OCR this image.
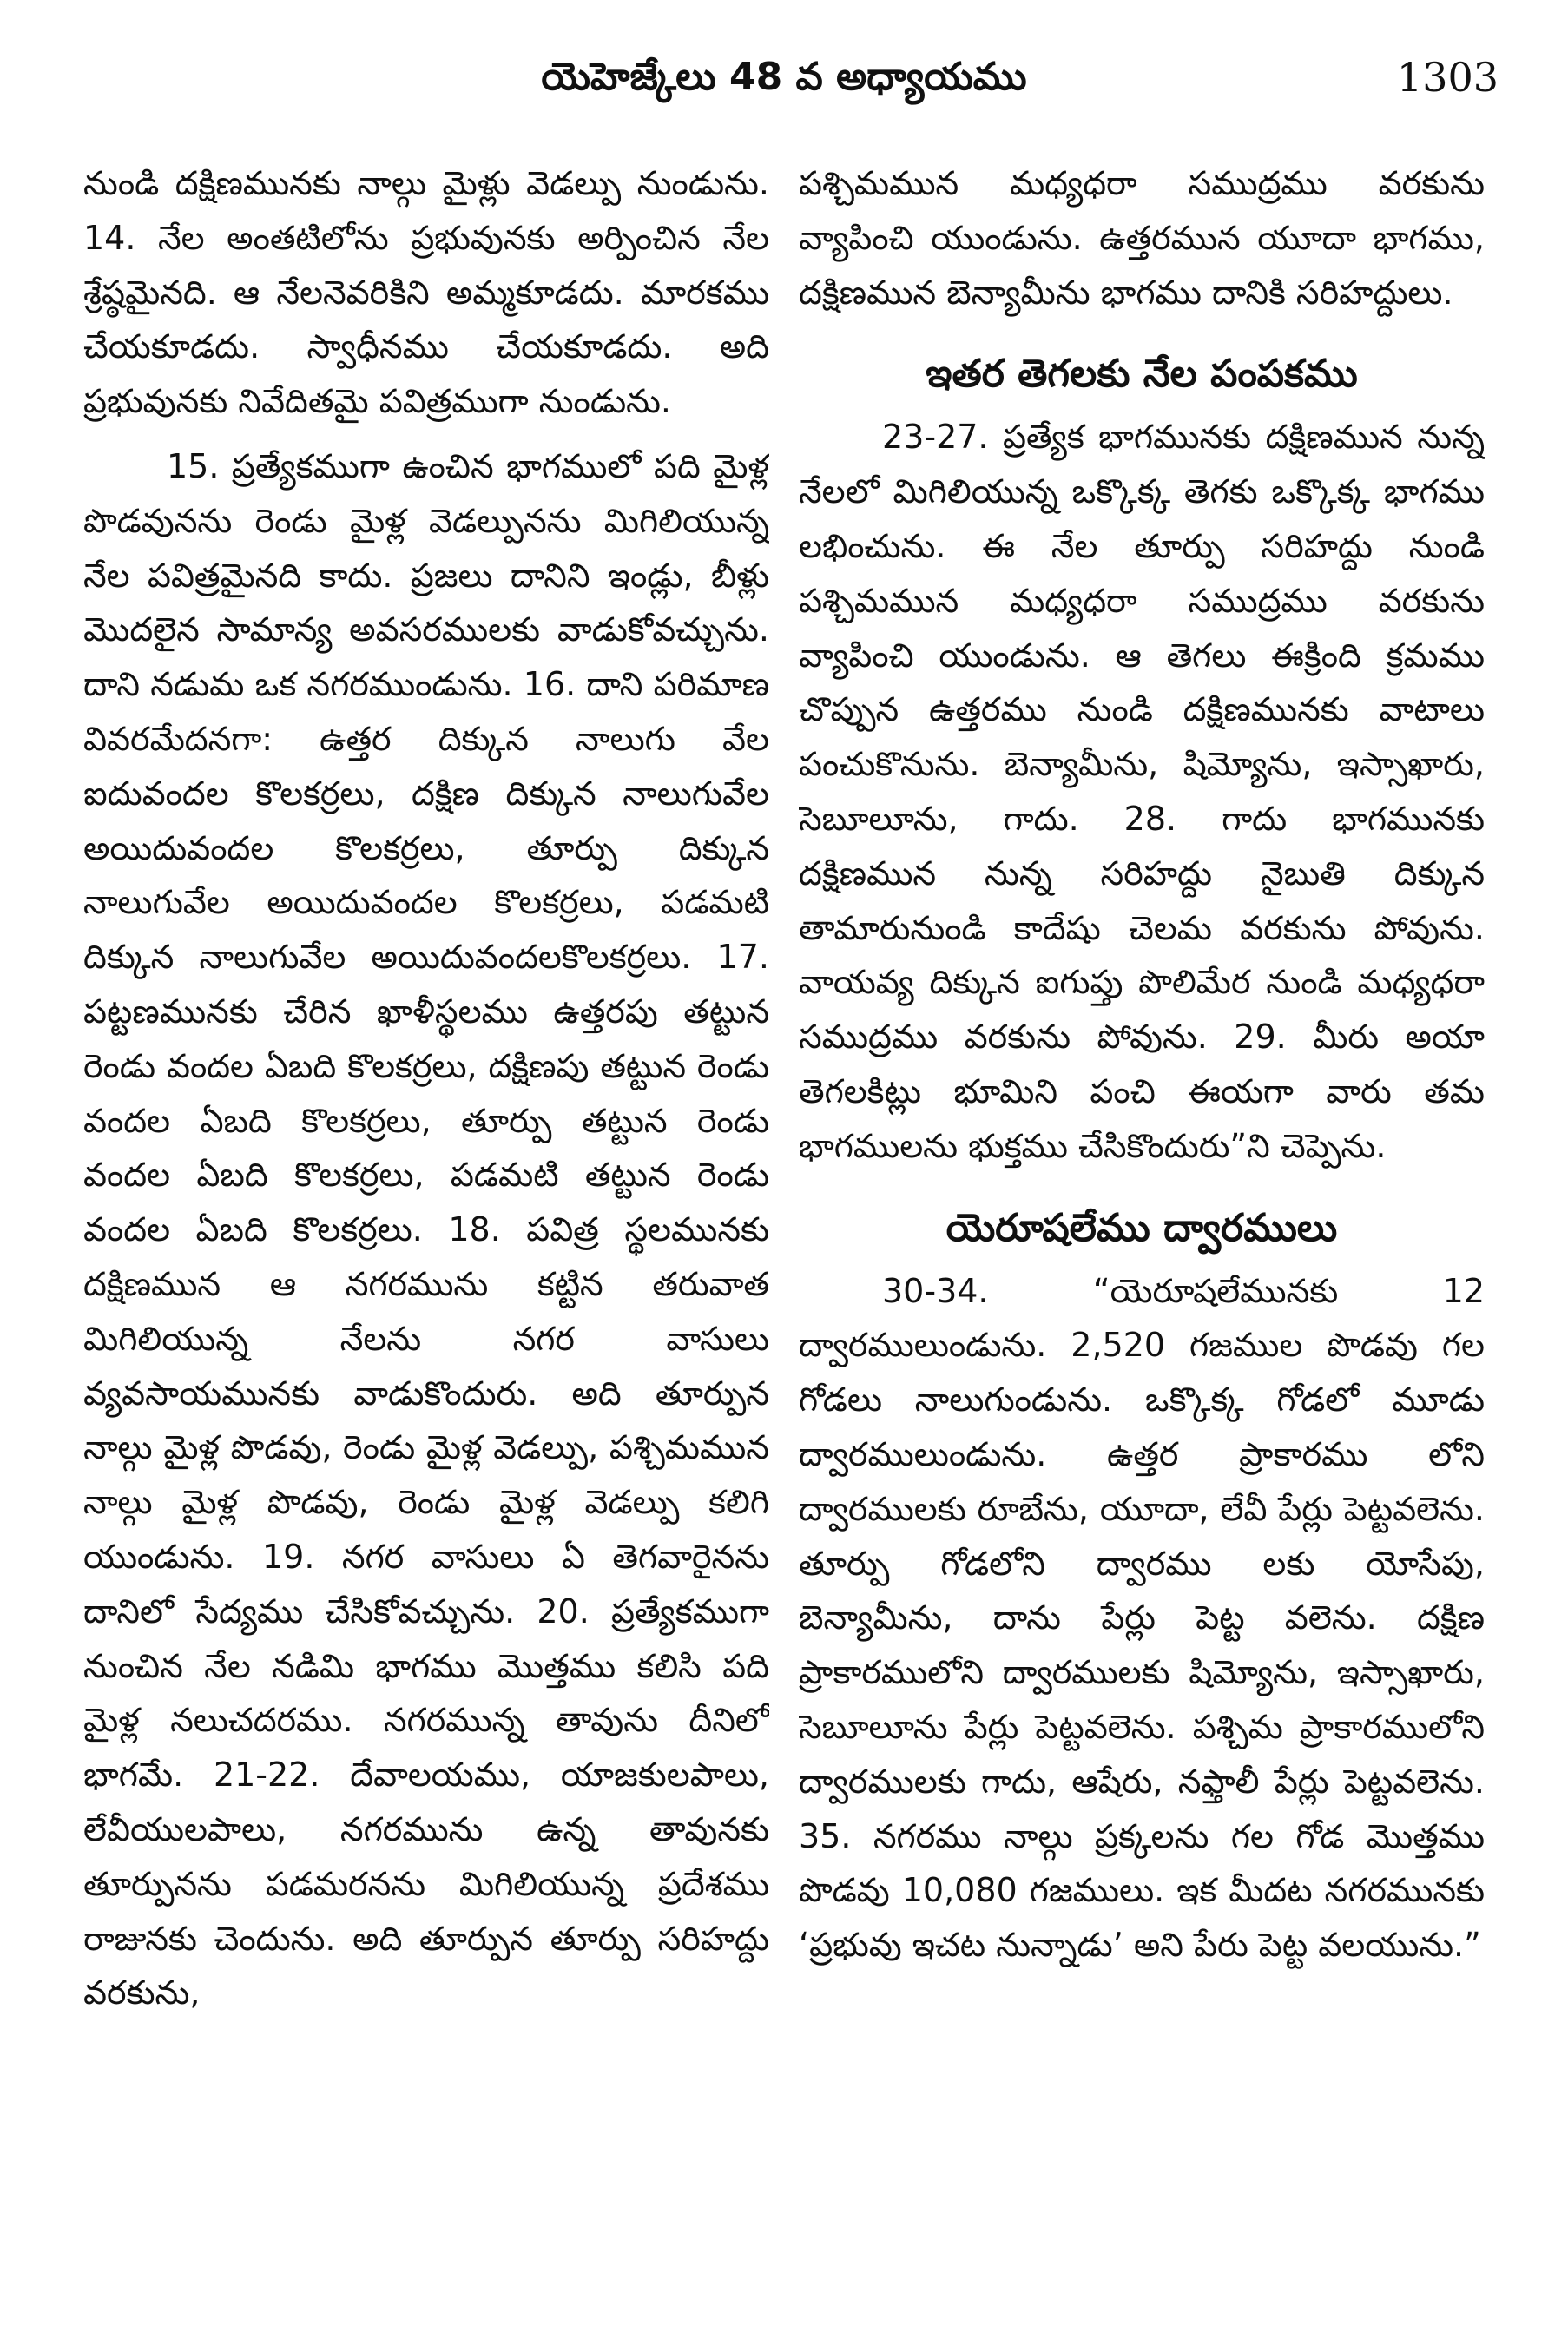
యెహెజ్కేలు 48 వ అధ్యాయము	1303

నుండి దక్షిణమునకు నాల్గు మైళ్లు వెడల్పు నుండును. 14. నేల అంతటిలోను ప్రభువునకు అర్పించిన నేల శ్రేష్ఠమైనది. ఆ నేలనెవరికిని అమ్మకూడదు. మారకము చేయకూడదు. స్వాధీనము చేయకూడదు. అది ప్రభువునకు నివేదితమై పవిత్రముగా నుండును.

15. ప్రత్యేకముగా ఉంచిన భాగములో పది మైళ్ల పొడవునను రెండు మైళ్ల వెడల్పునను మిగిలియున్న నేల పవిత్రమైనది కాదు. ప్రజలు దానిని ఇండ్లు, బీళ్లు మొదలైన సామాన్య అవసరములకు వాడుకోవచ్చును. దాని నడుమ ఒక నగరముండును. 16. దాని పరిమాణ వివరమేదనగా: ఉత్తర దిక్కున నాలుగు వేల ఐదువందల కొలకర్రలు, దక్షిణ దిక్కున నాలుగువేల అయిదువందల కొలకర్రలు, తూర్పు దిక్కున నాలుగువేల అయిదువందల కొలకర్రలు, పడమటి దిక్కున నాలుగువేల అయిదువందలకొలకర్రలు. 17. పట్టణమునకు చేరిన ఖాళీస్థలము ఉత్తరపు తట్టున రెండు వందల ఏబది కొలకర్రలు, దక్షిణపు తట్టున రెండు వందల ఏబది కొలకర్రలు, తూర్పు తట్టున రెండు వందల ఏబది కొలకర్రలు, పడమటి తట్టున రెండు వందల ఏబది కొలకర్రలు. 18. పవిత్ర స్థలమునకు దక్షిణమున ఆ నగరమును కట్టిన తరువాత మిగిలియున్న నేలను నగర వాసులు వ్యవసాయమునకు వాడుకొందురు. అది తూర్పున నాల్గు మైళ్ల పొడవు, రెండు మైళ్ల వెడల్పు, పశ్చిమమున నాల్గు మైళ్ల పొడవు, రెండు మైళ్ల వెడల్పు కలిగి యుండును. 19. నగర వాసులు ఏ తెగవారైనను దానిలో సేద్యము చేసికోవచ్చును. 20. ప్రత్యేకముగా నుంచిన నేల నడిమి భాగము మొత్తము కలిసి పది మైళ్ల నలుచదరము. నగరమున్న తావును దీనిలో భాగమే. 21-22. దేవాలయము, యాజకులపాలు, లేవీయులపాలు, నగరమును ఉన్న తావునకు తూర్పునను పడమరనను మిగిలియున్న ప్రదేశము రాజునకు చెందును. అది తూర్పున తూర్పు సరిహద్దు వరకును,

పశ్చిమమున మధ్యధరా సముద్రము వరకును వ్యాపించి యుండును. ఉత్తరమున యూదా భాగము, దక్షిణమున బెన్యామీను భాగము దానికి సరిహద్దులు.

ఇతర తెగలకు నేల పంపకము

23-27. ప్రత్యేక భాగమునకు దక్షిణమున నున్న నేలలో మిగిలియున్న ఒక్కొక్క తెగకు ఒక్కొక్క భాగము లభించును. ఈ నేల తూర్పు సరిహద్దు నుండి పశ్చిమమున మధ్యధరా సముద్రము వరకును వ్యాపించి యుండును. ఆ తెగలు ఈక్రింది క్రమము చొప్పున ఉత్తరము నుండి దక్షిణమునకు వాటాలు పంచుకొనును. బెన్యామీను, షిమ్యోను, ఇస్సాఖారు, సెబూలూను, గాదు. 28. గాదు భాగమునకు దక్షిణమున నున్న సరిహద్దు నైబుతి దిక్కున తామారునుండి కాదేషు చెలమ వరకును పోవును. వాయవ్య దిక్కున ఐగుప్తు పొలిమేర నుండి మధ్యధరా సముద్రము వరకును పోవును. 29. మీరు అయా తెగలకిట్లు భూమిని పంచి ఈయగా వారు తమ భాగములను భుక్తము చేసికొందురు”ని చెప్పెను.

యెరూషలేము ద్వారములు

30-34. “యెరూషలేమునకు 12 ద్వారములుండును. 2,520 గజముల పొడవు గల గోడలు నాలుగుండును. ఒక్కొక్క గోడలో మూడు ద్వారములుండును. ఉత్తర ప్రాకారము లోని ద్వారములకు రూబేను, యూదా, లేవీ పేర్లు పెట్టవలెను. తూర్పు గోడలోని ద్వారము లకు యోసేపు, బెన్యామీను, దాను పేర్లు పెట్ట వలెను. దక్షిణ ప్రాకారములోని ద్వారములకు షిమ్యోను, ఇస్సాఖారు, సెబూలూను పేర్లు పెట్టవలెను. పశ్చిమ ప్రాకారములోని ద్వారములకు గాదు, ఆషేరు, నఫ్తాలీ పేర్లు పెట్టవలెను. 35. నగరము నాల్గు ప్రక్కలను గల గోడ మొత్తము పొడవు 10,080 గజములు. ఇక మీదట నగరమునకు ‘ప్రభువు ఇచట నున్నాడు’ అని పేరు పెట్ట వలయును.”
